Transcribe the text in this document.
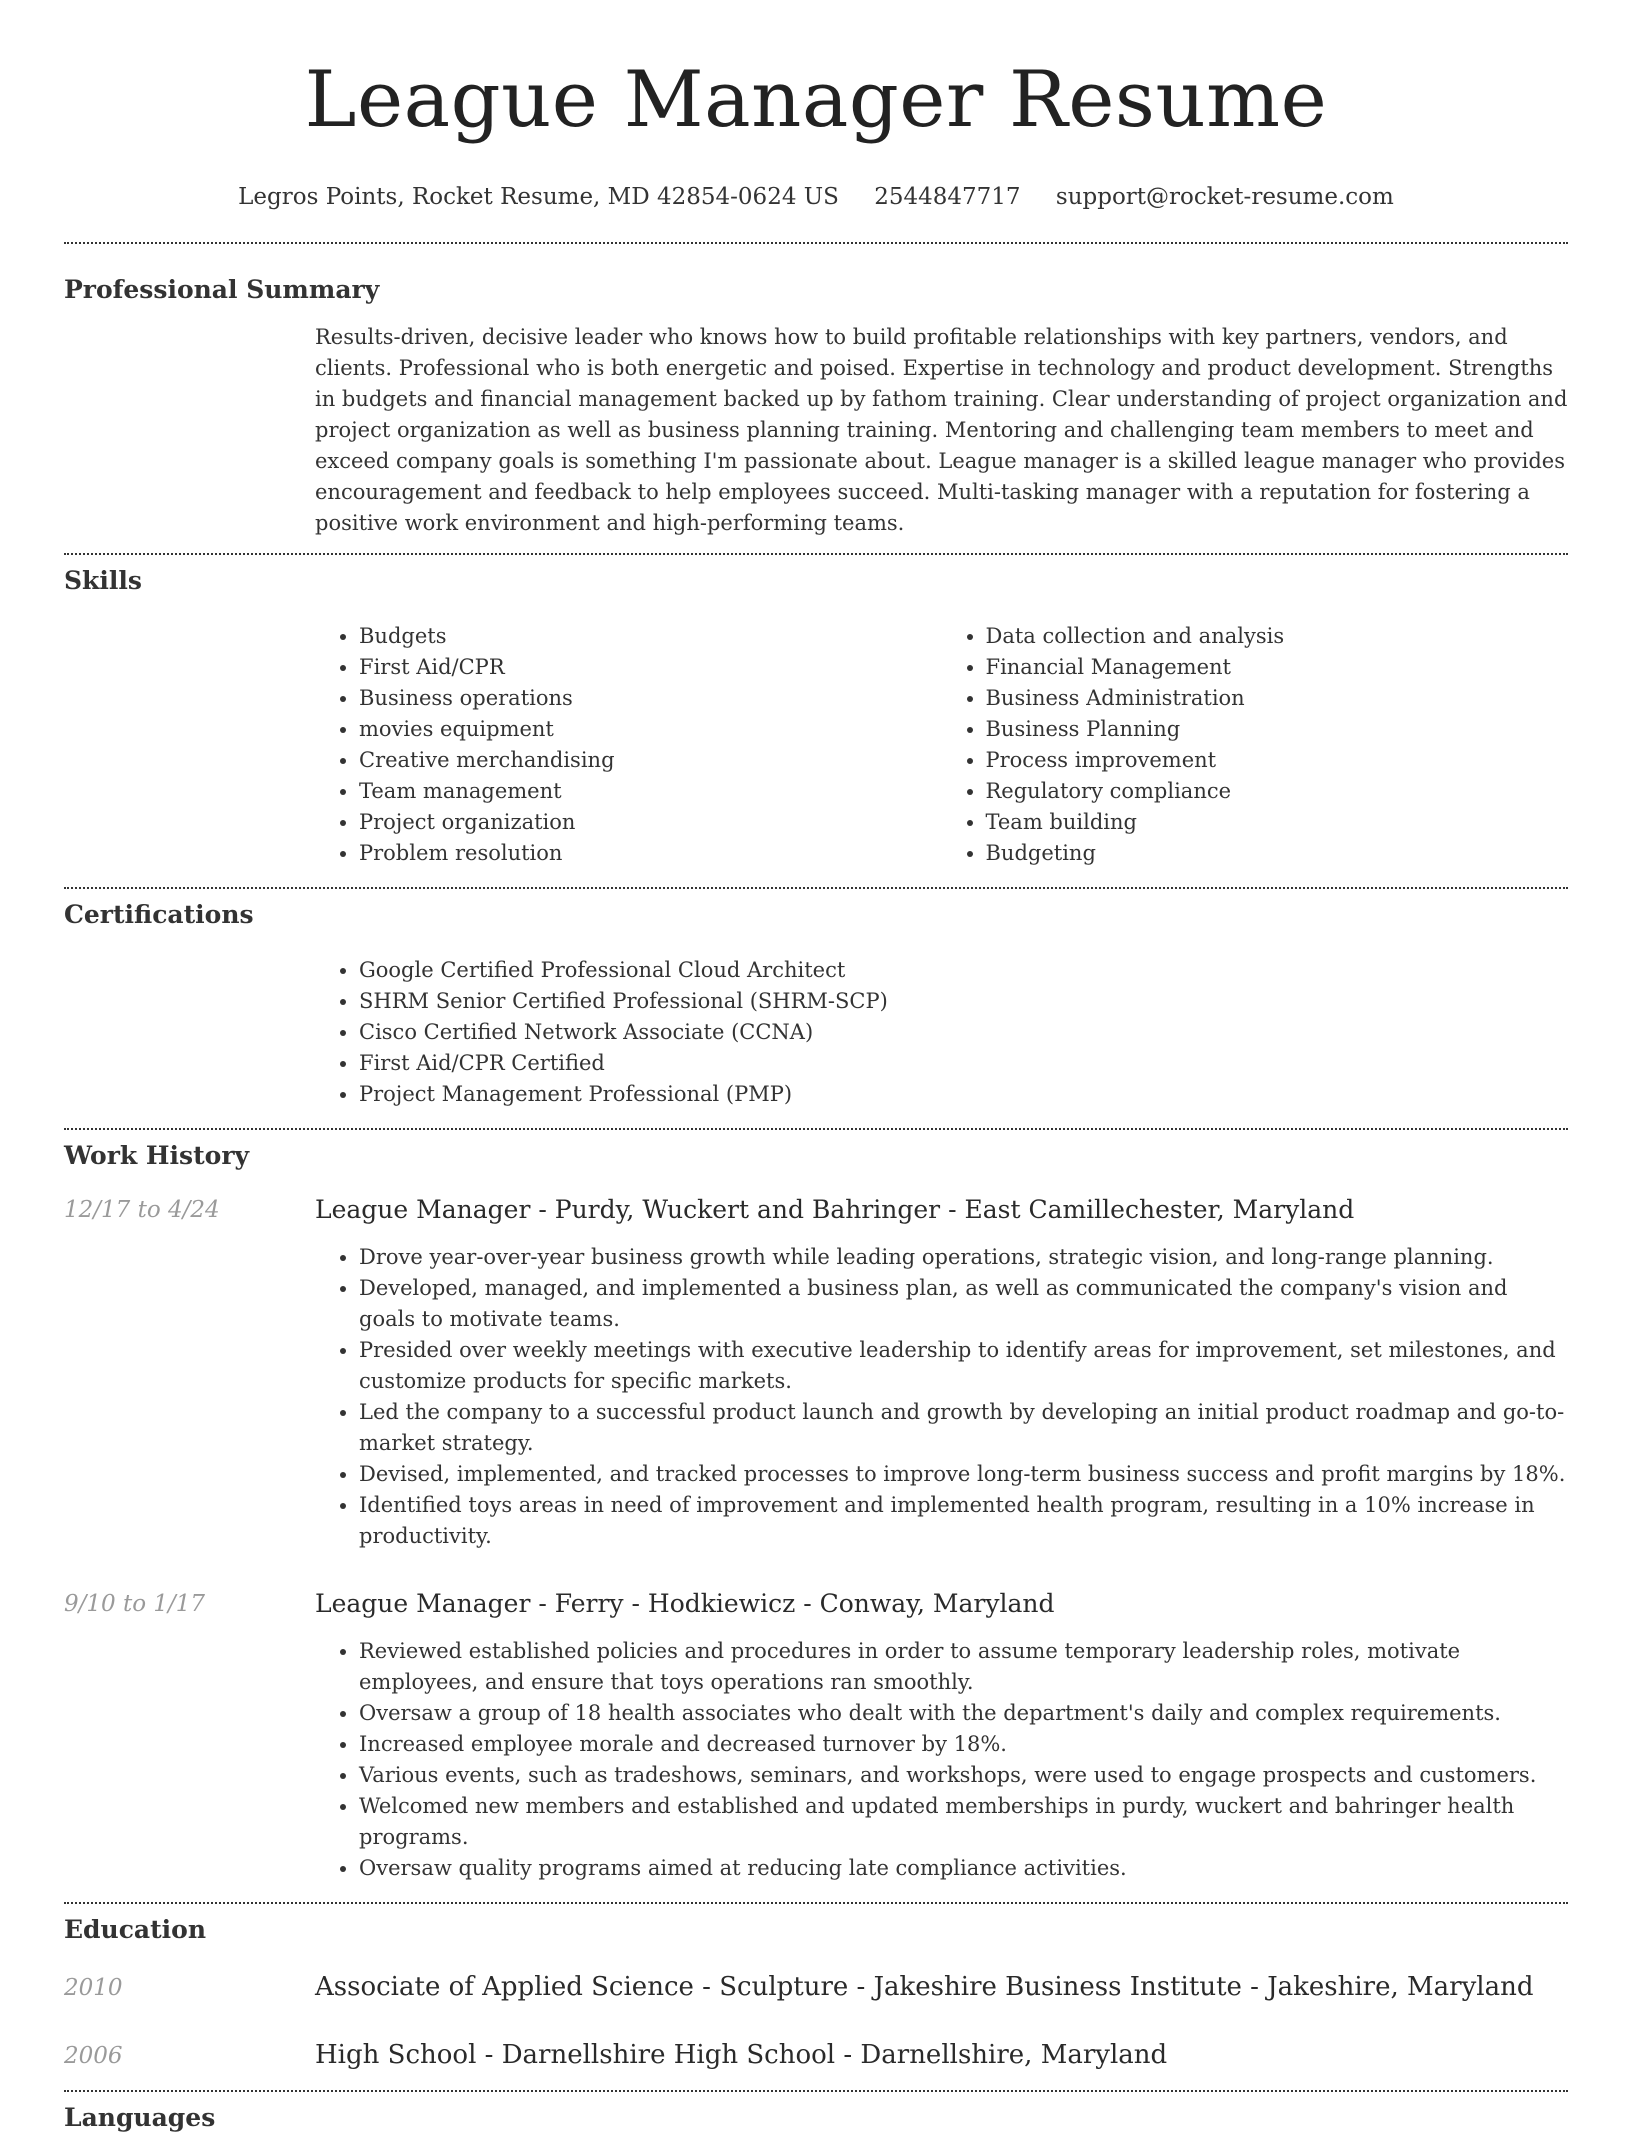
League Manager Resume
Legros Points, Rocket Resume, MD 42854-0624 US 2544847717 support@rocket-resume.com
Professional Summary

Results-driven, decisive leader who knows how to build profitable relationships with key partners, vendors, and clients. Professional who is both energetic and poised. Expertise in technology and product development. Strengths in budgets and financial management backed up by fathom training. Clear understanding of project organization and project organization as well as business planning training. Mentoring and challenging team members to meet and exceed company goals is something I'm passionate about. League manager is a skilled league manager who provides encouragement and feedback to help employees succeed. Multi-tasking manager with a reputation for fostering a positive work environment and high-performing teams.

Skills
• Budgets
• First Aid/CPR
• Business operations
• movies equipment
• Creative merchandising
• Team management
• Project organization
• Problem resolution
• Data collection and analysis
• Financial Management
• Business Administration
• Business Planning
• Process improvement
• Regulatory compliance
• Team building
• Budgeting
Certifications
• Google Certified Professional Cloud Architect
• SHRM Senior Certified Professional (SHRM-SCP)
• Cisco Certified Network Associate (CCNA)
• First Aid/CPR Certified
• Project Management Professional (PMP)
Work History
12/17 to 4/24	League Manager - Purdy, Wuckert and Bahringer - East Camillechester, Maryland
• Drove year-over-year business growth while leading operations, strategic vision, and long-range planning.
• Developed, managed, and implemented a business plan, as well as communicated the company's vision and goals to motivate teams.
• Presided over weekly meetings with executive leadership to identify areas for improvement, set milestones, and customize products for specific markets.
• Led the company to a successful product launch and growth by developing an initial product roadmap and go-to-market strategy.
• Devised, implemented, and tracked processes to improve long-term business success and profit margins by 18%.
• Identified toys areas in need of improvement and implemented health program, resulting in a 10% increase in productivity.
9/10 to 1/17	League Manager - Ferry - Hodkiewicz - Conway, Maryland
• Reviewed established policies and procedures in order to assume temporary leadership roles, motivate employees, and ensure that toys operations ran smoothly.
• Oversaw a group of 18 health associates who dealt with the department's daily and complex requirements.
• Increased employee morale and decreased turnover by 18%.
• Various events, such as tradeshows, seminars, and workshops, were used to engage prospects and customers.
• Welcomed new members and established and updated memberships in purdy, wuckert and bahringer health programs.
• Oversaw quality programs aimed at reducing late compliance activities.
Education
2010	Associate of Applied Science - Sculpture - Jakeshire Business Institute - Jakeshire, Maryland
2006	High School - Darnellshire High School - Darnellshire, Maryland
Languages
